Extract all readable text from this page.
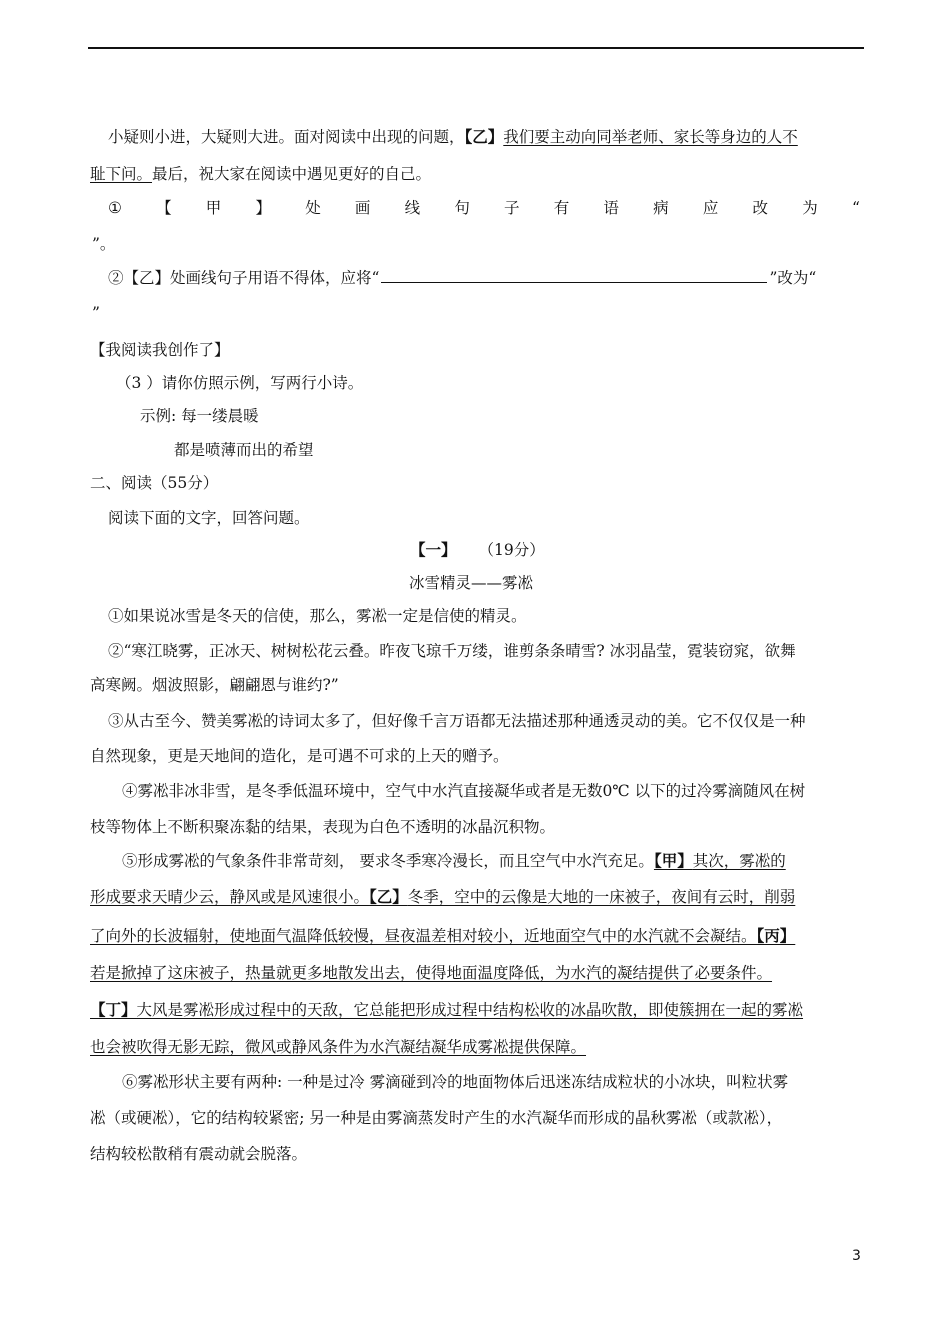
小疑则小进，大疑则大进。面对阅读中出现的问题，【乙】我们要主动向同举老师、家长等身边的人不
耻下问。最后，祝大家在阅读中遇见更好的自己。
① 【 甲 】 处 画 线 句 子 有 语 病 应 改 为 “
”。
②【乙】处画线句子用语不得体，应将“	”改为“
”
【我阅读我创作了】
（3 ）请你仿照示例，写两行小诗。
示例: 每一缕晨暖
都是喷薄而出的希望
二、阅读（55分）
阅读下面的文字，回答问题。
【一】 （19分）
冰雪精灵——雾凇
①如果说冰雪是冬天的信使，那么，雾凇一定是信使的精灵。
②“寒江晓雾，正冰天、树树松花云叠。昨夜飞琼千万缕，谁剪条条晴雪? 冰羽晶莹，霓装窃窕，欲舞
高寒阙。烟波照影，翩翩恩与谁约?”
③从古至今、赞美雾凇的诗词太多了，但好像千言万语都无法描述那种通透灵动的美。它不仅仅是一种
自然现象，更是天地间的造化，是可遇不可求的上天的赠予。
④雾凇非冰非雪，是冬季低温环境中，空气中水汽直接凝华或者是无数0℃ 以下的过冷雾滴随风在树
枝等物体上不断积聚冻黏的结果，表现为白色不透明的冰晶沉积物。
⑤形成雾凇的气象条件非常苛刻， 要求冬季寒冷漫长，而且空气中水汽充足。【甲】其次，雾凇的
形成要求天晴少云，静风或是风速很小。【乙】冬季，空中的云像是大地的一床被子，夜间有云时，削弱
了向外的长波辐射，使地面气温降低较慢，昼夜温差相对较小，近地面空气中的水汽就不会凝结。【丙】
若是掀掉了这床被子，热量就更多地散发出去，使得地面温度降低，为水汽的凝结提供了必要条件。
【丁】大风是雾凇形成过程中的天敌，它总能把形成过程中结构松收的冰晶吹散，即使簇拥在一起的雾凇
也会被吹得无影无踪，微风或静风条件为水汽凝结凝华成雾凇提供保障。
⑥雾凇形状主要有两种: 一种是过冷 雾滴碰到冷的地面物体后迅迷冻结成粒状的小冰块，叫粒状雾
凇（或硬凇），它的结构较紧密; 另一种是由雾滴蒸发时产生的水汽凝华而形成的晶秋雾凇（或款凇），
结构较松散稍有震动就会脱落。
3
